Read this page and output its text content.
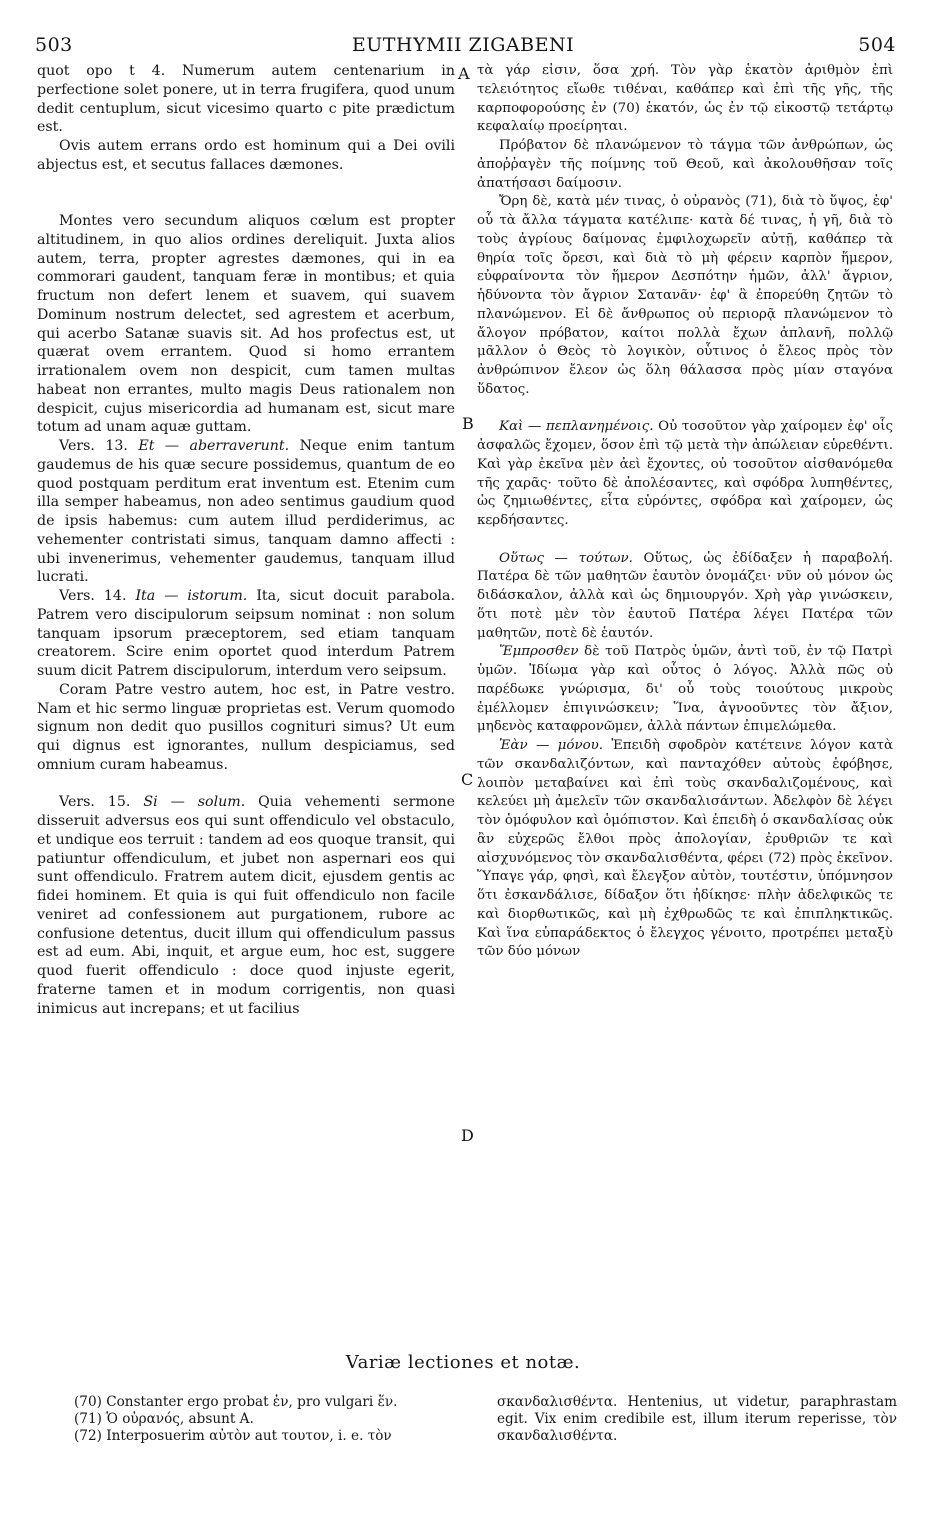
503	EUTHYMII ZIGABENI	504

quot opo t 4. Numerum autem centenarium in perfectione solet ponere, ut in terra frugifera, quod unum dedit centuplum, sicut vicesimo quarto c pite prædictum est.

Ovis autem errans ordo est hominum qui a Dei ovili abjectus est, et secutus fallaces dæmones.

Montes vero secundum aliquos cœlum est propter altitudinem, in quo alios ordines dereliquit. Juxta alios autem, terra, propter agrestes dæmones, qui in ea commorari gaudent, tanquam feræ in montibus; et quia fructum non defert lenem et suavem, qui suavem Dominum nostrum delectet, sed agrestem et acerbum, qui acerbo Satanæ suavis sit. Ad hos profectus est, ut quærat ovem errantem. Quod si homo errantem irrationalem ovem non despicit, cum tamen multas habeat non errantes, multo magis Deus rationalem non despicit, cujus misericordia ad humanam est, sicut mare totum ad unam aquæ guttam.

Vers. 13. Et — aberraverunt. Neque enim tantum gaudemus de his quæ secure possidemus, quantum de eo quod postquam perditum erat inventum est. Etenim cum illa semper habeamus, non adeo sentimus gaudium quod de ipsis habemus: cum autem illud perdiderimus, ac vehementer contristati simus, tanquam damno affecti : ubi invenerimus, vehementer gaudemus, tanquam illud lucrati.

Vers. 14. Ita — istorum. Ita, sicut docuit parabola. Patrem vero discipulorum seipsum nominat : non solum tanquam ipsorum præceptorem, sed etiam tanquam creatorem. Scire enim oportet quod interdum Patrem suum dicit Patrem discipulorum, interdum vero seipsum.

Coram Patre vestro autem, hoc est, in Patre vestro. Nam et hic sermo linguæ proprietas est. Verum quomodo signum non dedit quo pusillos cognituri simus? Ut eum qui dignus est ignorantes, nullum despiciamus, sed omnium curam habeamus.

Vers. 15. Si — solum. Quia vehementi sermone disseruit adversus eos qui sunt offendiculo vel obstaculo, et undique eos terruit : tandem ad eos quoque transit, qui patiuntur offendiculum, et jubet non aspernari eos qui sunt offendiculo. Fratrem autem dicit, ejusdem gentis ac fidei hominem. Et quia is qui fuit offendiculo non facile veniret ad confessionem aut purgationem, rubore ac confusione detentus, ducit illum qui offendiculum passus est ad eum. Abi, inquit, et argue eum, hoc est, suggere quod fuerit offendiculo : doce quod injuste egerit, fraterne tamen et in modum corrigentis, non quasi inimicus aut increpans; et ut facilius

A
B
C
D

τὰ γάρ εἰσιν, ὅσα χρή. Τὸν γὰρ ἑκατὸν ἀριθμὸν ἐπὶ τελειότητος εἴωθε τιθέναι, καθάπερ καὶ ἐπὶ τῆς γῆς, τῆς καρποφορούσης ἐν (70) ἑκατόν, ὡς ἐν τῷ εἰκοστῷ τετάρτῳ κεφαλαίῳ προείρηται.

Πρόβατον δὲ πλανώμενον τὸ τάγμα τῶν ἀνθρώπων, ὡς ἀποῤῥαγὲν τῆς ποίμνης τοῦ Θεοῦ, καὶ ἀκολουθῆσαν τοῖς ἀπατήσασι δαίμοσιν.

Ὄρη δὲ, κατὰ μέν τινας, ὁ οὐρανὸς (71), διὰ τὸ ὕψος, ἐφ' οὗ τὰ ἄλλα τάγματα κατέλιπε· κατὰ δέ τινας, ἡ γῆ, διὰ τὸ τοὺς ἀγρίους δαίμονας ἐμφιλοχωρεῖν αὐτῇ, καθάπερ τὰ θηρία τοῖς ὄρεσι, καὶ διὰ τὸ μὴ φέρειν καρπὸν ἥμερον, εὐφραίνοντα τὸν ἥμερον Δεσπότην ἡμῶν, ἀλλ' ἄγριον, ἡδύνοντα τὸν ἄγριον Σατανᾶν· ἐφ' ἃ ἐπορεύθη ζητῶν τὸ πλανώμενον. Εἰ δὲ ἄνθρωπος οὐ περιορᾷ πλανώμενον τὸ ἄλογον πρόβατον, καίτοι πολλὰ ἔχων ἀπλανῆ, πολλῷ μᾶλλον ὁ Θεὸς τὸ λογικὸν, οὗτινος ὁ ἔλεος πρὸς τὸν ἀνθρώπινον ἔλεον ὡς ὅλη θάλασσα πρὸς μίαν σταγόνα ὕδατος.

Καὶ — πεπλανημένοις. Οὐ τοσοῦτον γὰρ χαίρομεν ἐφ' οἷς ἀσφαλῶς ἔχομεν, ὅσον ἐπὶ τῷ μετὰ τὴν ἀπώλειαν εὑρεθέντι. Καὶ γὰρ ἐκεῖνα μὲν ἀεὶ ἔχοντες, οὐ τοσοῦτον αἰσθανόμεθα τῆς χαρᾶς· τοῦτο δὲ ἀπολέσαντες, καὶ σφόδρα λυπηθέντες, ὡς ζημιωθέντες, εἶτα εὑρόντες, σφόδρα καὶ χαίρομεν, ὡς κερδήσαντες.

Οὕτως — τούτων. Οὕτως, ὡς ἐδίδαξεν ἡ παραβολή. Πατέρα δὲ τῶν μαθητῶν ἑαυτὸν ὀνομάζει· νῦν οὐ μόνον ὡς διδάσκαλον, ἀλλὰ καὶ ὡς δημιουργόν. Χρὴ γὰρ γινώσκειν, ὅτι ποτὲ μὲν τὸν ἑαυτοῦ Πατέρα λέγει Πατέρα τῶν μαθητῶν, ποτὲ δὲ ἑαυτόν.

Ἔμπροσθεν δὲ τοῦ Πατρὸς ὑμῶν, ἀντὶ τοῦ, ἐν τῷ Πατρὶ ὑμῶν. Ἰδίωμα γὰρ καὶ οὗτος ὁ λόγος. Ἀλλὰ πῶς οὐ παρέδωκε γνώρισμα, δι' οὗ τοὺς τοιούτους μικροὺς ἐμέλλομεν ἐπιγινώσκειν; Ἵνα, ἀγνοοῦντες τὸν ἄξιον, μηδενὸς καταφρονῶμεν, ἀλλὰ πάντων ἐπιμελώμεθα.

Ἐὰν — μόνου. Ἐπειδὴ σφοδρὸν κατέτεινε λόγον κατὰ τῶν σκανδαλιζόντων, καὶ πανταχόθεν αὐτοὺς ἐφόβησε, λοιπὸν μεταβαίνει καὶ ἐπὶ τοὺς σκανδαλιζομένους, καὶ κελεύει μὴ ἀμελεῖν τῶν σκανδαλισάντων. Ἀδελφὸν δὲ λέγει τὸν ὁμόφυλον καὶ ὁμόπιστον. Καὶ ἐπειδὴ ὁ σκανδαλίσας οὐκ ἂν εὐχερῶς ἔλθοι πρὸς ἀπολογίαν, ἐρυθριῶν τε καὶ αἰσχυνόμενος τὸν σκανδαλισθέντα, φέρει (72) πρὸς ἐκεῖνον. Ὕπαγε γάρ, φησὶ, καὶ ἔλεγξον αὐτὸν, τουτέστιν, ὑπόμνησον ὅτι ἐσκανδάλισε, δίδαξον ὅτι ἠδίκησε· πλὴν ἀδελφικῶς τε καὶ διορθωτικῶς, καὶ μὴ ἐχθρωδῶς τε καὶ ἐπιπληκτικῶς. Καὶ ἵνα εὐπαράδεκτος ὁ ἔλεγχος γένοιτο, προτρέπει μεταξὺ τῶν δύο μόνων

Variæ lectiones et notæ.
(70) Constanter ergo probat ἐν, pro vulgari ἕν.
(71) Ὁ οὐρανός, absunt A.
(72) Interposuerim αὐτὸν aut τουτον, i. e. τὸν
σκανδαλισθέντα. Hentenius, ut videtur, paraphrastam egit. Vix enim credibile est, illum iterum reperisse, τὸν σκανδαλισθέντα.
